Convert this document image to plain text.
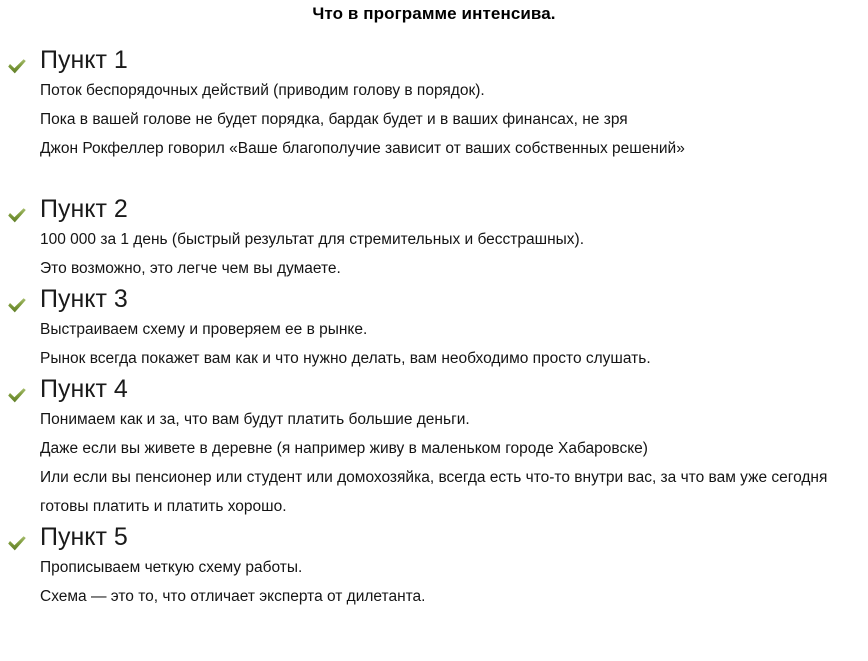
Что в программе интенсива.
Пункт 1
Поток беспорядочных действий (приводим голову в порядок).
Пока в вашей голове не будет порядка, бардак будет и в ваших финансах, не зря
Джон Рокфеллер говорил «Ваше благополучие зависит от ваших собственных решений»
Пункт 2
100 000 за 1 день (быстрый результат для стремительных и бесстрашных).
Это возможно, это легче чем вы думаете.
Пункт 3
Выстраиваем схему и проверяем ее в рынке.
Рынок всегда покажет вам как и что нужно делать, вам необходимо просто слушать.
Пункт 4
Понимаем как и за, что вам будут платить большие деньги.
Даже если вы живете в деревне (я например живу в маленьком городе Хабаровске)
Или если вы пенсионер или студент или домохозяйка, всегда есть что-то внутри вас, за что вам уже сегодня готовы платить и платить хорошо.
Пункт 5
Прописываем четкую схему работы.
Схема — это то, что отличает эксперта от дилетанта.
